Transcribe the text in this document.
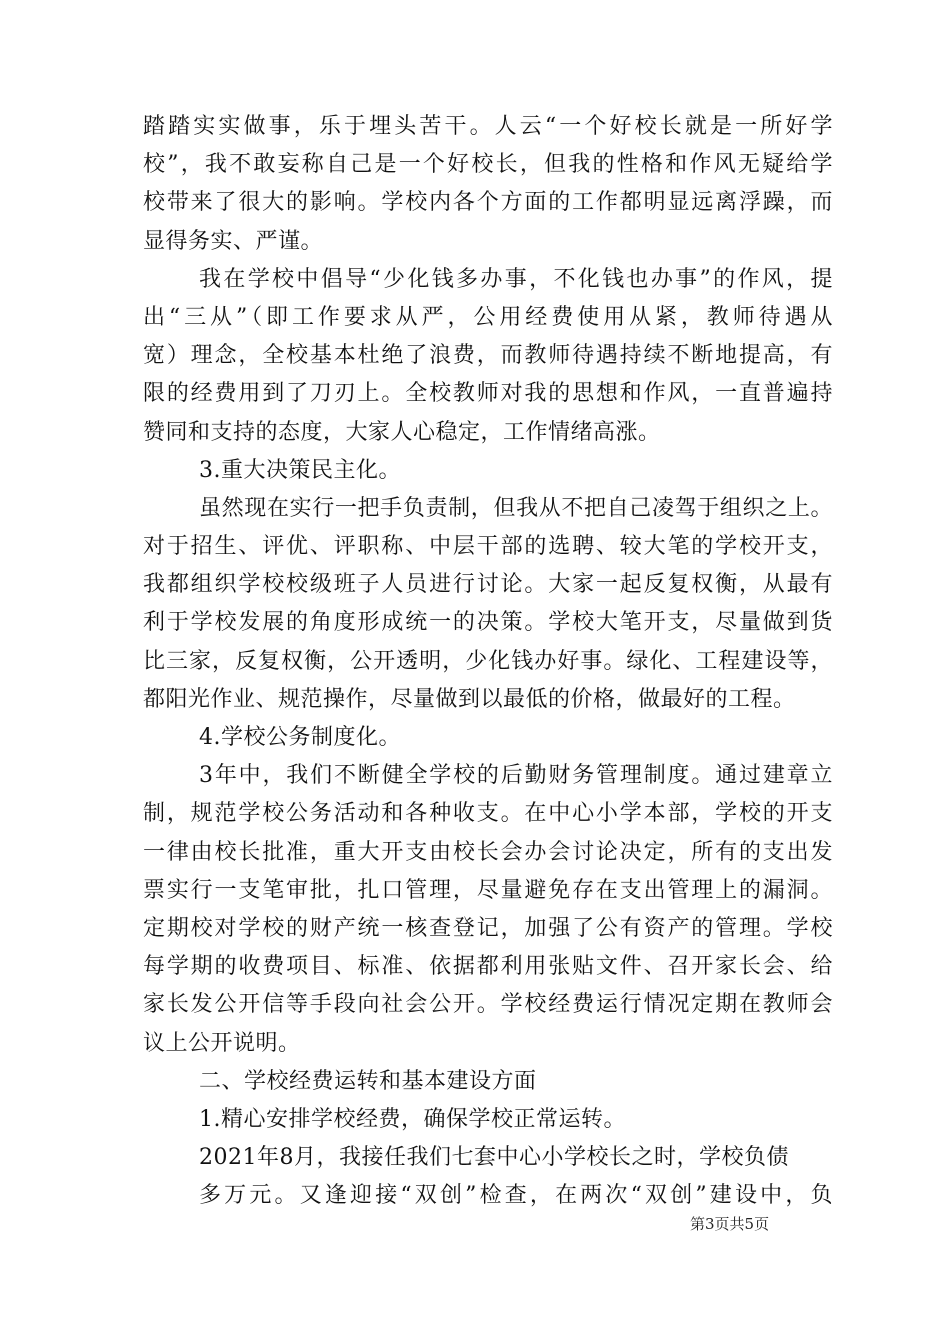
踏踏实实做事，乐于埋头苦干。人云“一个好校长就是一所好学
校”，我不敢妄称自己是一个好校长，但我的性格和作风无疑给学
校带来了很大的影响。学校内各个方面的工作都明显远离浮躁，而
显得务实、严谨。
我在学校中倡导“少化钱多办事，不化钱也办事”的作风，提
出“三从”（即工作要求从严，公用经费使用从紧，教师待遇从
宽）理念，全校基本杜绝了浪费，而教师待遇持续不断地提高，有
限的经费用到了刀刃上。全校教师对我的思想和作风，一直普遍持
赞同和支持的态度，大家人心稳定，工作情绪高涨。
3.重大决策民主化。
虽然现在实行一把手负责制，但我从不把自己凌驾于组织之上。
对于招生、评优、评职称、中层干部的选聘、较大笔的学校开支，
我都组织学校校级班子人员进行讨论。大家一起反复权衡，从最有
利于学校发展的角度形成统一的决策。学校大笔开支，尽量做到货
比三家，反复权衡，公开透明，少化钱办好事。绿化、工程建设等，
都阳光作业、规范操作，尽量做到以最低的价格，做最好的工程。
4.学校公务制度化。
3年中，我们不断健全学校的后勤财务管理制度。通过建章立
制，规范学校公务活动和各种收支。在中心小学本部，学校的开支
一律由校长批准，重大开支由校长会办会讨论决定，所有的支出发
票实行一支笔审批，扎口管理，尽量避免存在支出管理上的漏洞。
定期校对学校的财产统一核查登记，加强了公有资产的管理。学校
每学期的收费项目、标准、依据都利用张贴文件、召开家长会、给
家长发公开信等手段向社会公开。学校经费运行情况定期在教师会
议上公开说明。
二、学校经费运转和基本建设方面
1.精心安排学校经费，确保学校正常运转。
2021年8月，我接任我们七套中心小学校长之时，学校负债
多万元。又逢迎接“双创”检查，在两次“双创”建设中，负
第3页共5页
